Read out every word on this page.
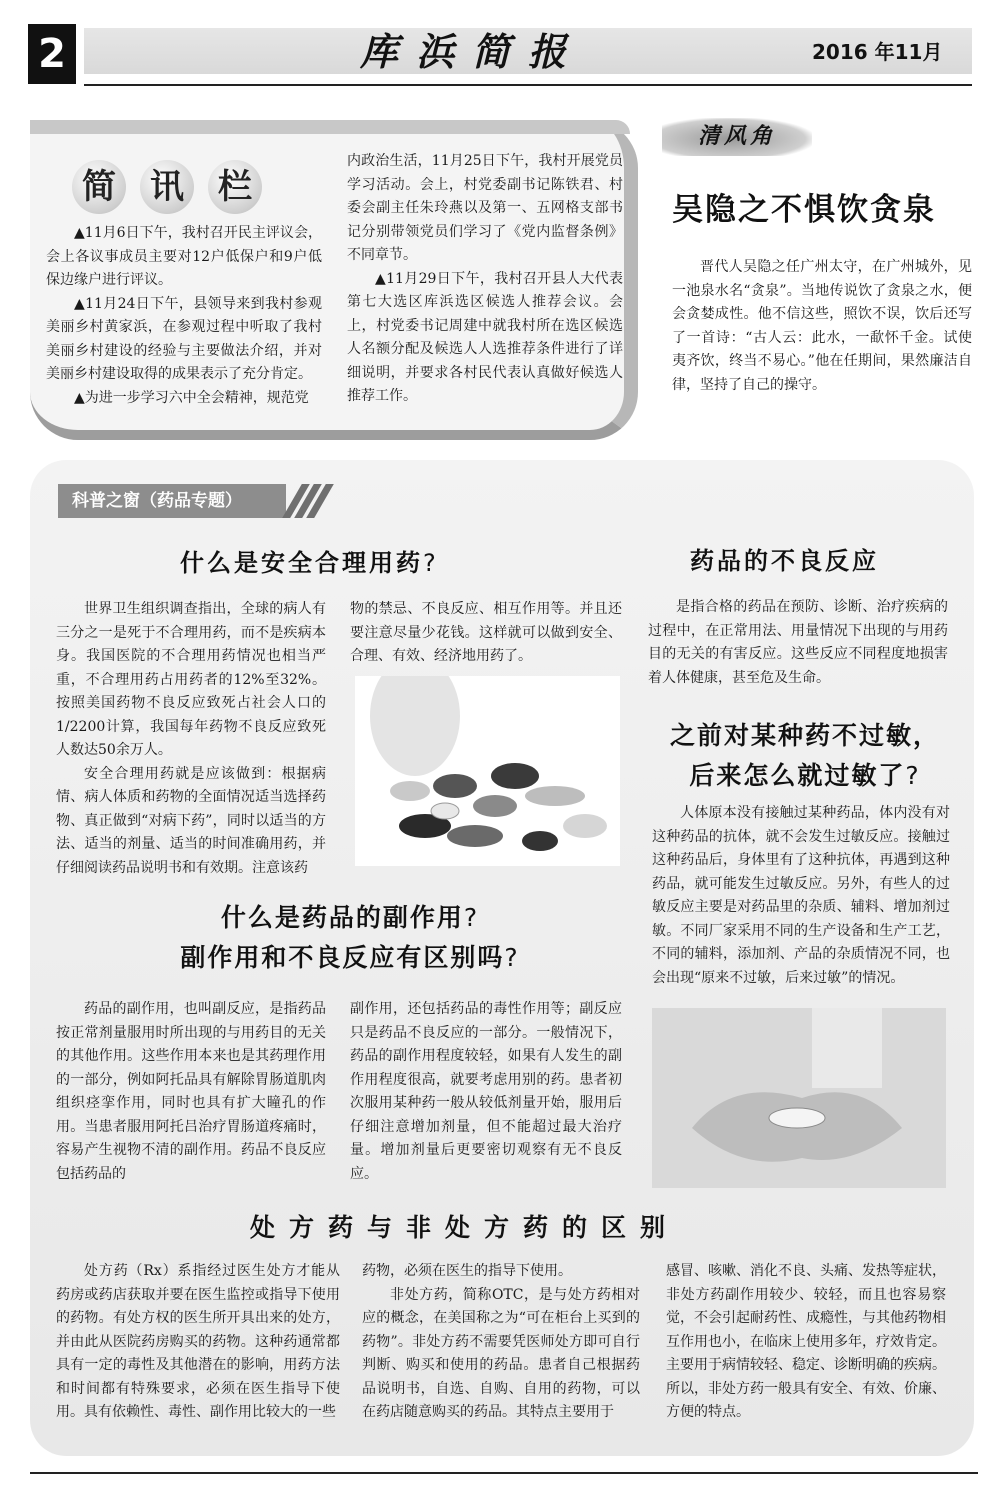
2	库浜简报	2016 年11月
简 讯 栏

▲11月6日下午，我村召开民主评议会，会上各议事成员主要对12户低保户和9户低保边缘户进行评议。

▲11月24日下午，县领导来到我村参观美丽乡村黄家浜，在参观过程中听取了我村美丽乡村建设的经验与主要做法介绍，并对美丽乡村建设取得的成果表示了充分肯定。

▲为进一步学习六中全会精神，规范党

内政治生活，11月25日下午，我村开展党员学习活动。会上，村党委副书记陈铁君、村委会副主任朱玲燕以及第一、五网格支部书记分别带领党员们学习了《党内监督条例》不同章节。

▲11月29日下午，我村召开县人大代表第七大选区库浜选区候选人推荐会议。会上，村党委书记周建中就我村所在选区候选人名额分配及候选人人选推荐条件进行了详细说明，并要求各村民代表认真做好候选人推荐工作。

清风角
吴隐之不惧饮贪泉

晋代人吴隐之任广州太守，在广州城外，见一池泉水名“贪泉”。当地传说饮了贪泉之水，便会贪婪成性。他不信这些，照饮不误，饮后还写了一首诗：“古人云：此水，一歃怀千金。试使夷齐饮，终当不易心。”他在任期间，果然廉洁自律，坚持了自己的操守。

科普之窗（药品专题）
什么是安全合理用药?

世界卫生组织调查指出，全球的病人有三分之一是死于不合理用药，而不是疾病本身。我国医院的不合理用药情况也相当严重，不合理用药占用药者的12%至32%。按照美国药物不良反应致死占社会人口的1/2200计算，我国每年药物不良反应致死人数达50余万人。

安全合理用药就是应该做到：根据病情、病人体质和药物的全面情况适当选择药物、真正做到“对病下药”，同时以适当的方法、适当的剂量、适当的时间准确用药，并仔细阅读药品说明书和有效期。注意该药

物的禁忌、不良反应、相互作用等。并且还要注意尽量少花钱。这样就可以做到安全、合理、有效、经济地用药了。

什么是药品的副作用?
副作用和不良反应有区别吗?

药品的副作用，也叫副反应，是指药品按正常剂量服用时所出现的与用药目的无关的其他作用。这些作用本来也是其药理作用的一部分，例如阿托品具有解除胃肠道肌肉组织痉挛作用，同时也具有扩大瞳孔的作用。当患者服用阿托吕治疗胃肠道疼痛时，容易产生视物不清的副作用。药品不良反应包括药品的

副作用，还包括药品的毒性作用等；副反应只是药品不良反应的一部分。一般情况下，药品的副作用程度较轻，如果有人发生的副作用程度很高，就要考虑用别的药。患者初次服用某种药一般从较低剂量开始，服用后仔细注意增加剂量，但不能超过最大治疗量。增加剂量后更要密切观察有无不良反应。

药品的不良反应

是指合格的药品在预防、诊断、治疗疾病的过程中，在正常用法、用量情况下出现的与用药目的无关的有害反应。这些反应不同程度地损害着人体健康，甚至危及生命。

之前对某种药不过敏，
后来怎么就过敏了?

人体原本没有接触过某种药品，体内没有对这种药品的抗体，就不会发生过敏反应。接触过这种药品后，身体里有了这种抗体，再遇到这种药品，就可能发生过敏反应。另外，有些人的过敏反应主要是对药品里的杂质、辅料、增加剂过敏。不同厂家采用不同的生产设备和生产工艺，不同的辅料，添加剂、产品的杂质情况不同，也会出现“原来不过敏，后来过敏”的情况。

处方药与非处方药的区别

处方药（Rx）系指经过医生处方才能从药房或药店获取并要在医生监控或指导下使用的药物。有处方权的医生所开具出来的处方，并由此从医院药房购买的药物。这种药通常都具有一定的毒性及其他潜在的影响，用药方法和时间都有特殊要求，必须在医生指导下使用。具有依赖性、毒性、副作用比较大的一些

药物，必须在医生的指导下使用。

非处方药，简称OTC，是与处方药相对应的概念，在美国称之为“可在柜台上买到的药物”。非处方药不需要凭医师处方即可自行判断、购买和使用的药品。患者自己根据药品说明书，自选、自购、自用的药物，可以在药店随意购买的药品。其特点主要用于

感冒、咳嗽、消化不良、头痛、发热等症状，非处方药副作用较少、较轻，而且也容易察觉，不会引起耐药性、成瘾性，与其他药物相互作用也小，在临床上使用多年，疗效肯定。主要用于病情较轻、稳定、诊断明确的疾病。所以，非处方药一般具有安全、有效、价廉、方便的特点。
